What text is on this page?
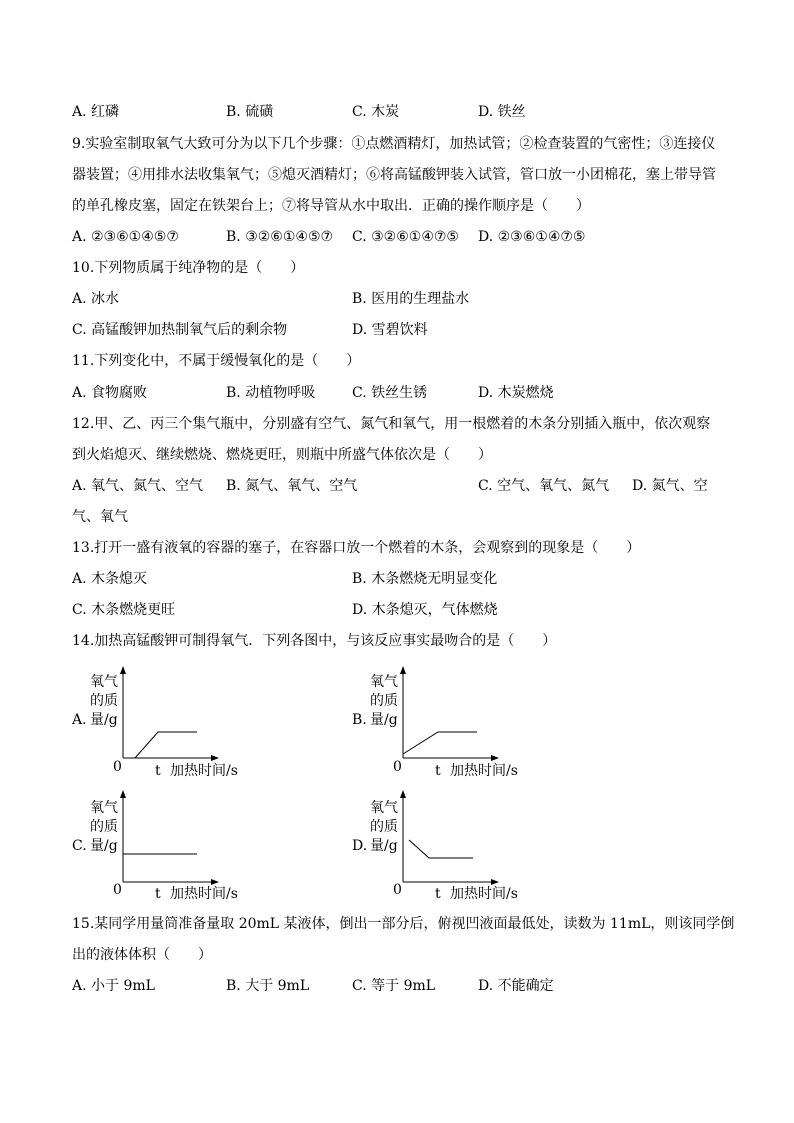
A. 红磷	B. 硫磺	C. 木炭	D. 铁丝
9.实验室制取氧气大致可分为以下几个步骤：①点燃酒精灯，加热试管；②检查装置的气密性；③连接仪
器装置；④用排水法收集氧气；⑤熄灭酒精灯；⑥将高锰酸钾装入试管，管口放一小团棉花，塞上带导管
的单孔橡皮塞，固定在铁架台上；⑦将导管从水中取出．正确的操作顺序是（　　）
A. ②③⑥①④⑤⑦	B. ③②⑥①④⑤⑦ C. ③②⑥①④⑦⑤ D. ②③⑥①④⑦⑤
10.下列物质属于纯净物的是（　　）
A. 冰水	B. 医用的生理盐水
C. 高锰酸钾加热制氧气后的剩余物	D. 雪碧饮料
11.下列变化中，不属于缓慢氧化的是（　　）
A. 食物腐败	B. 动植物呼吸	C. 铁丝生锈	D. 木炭燃烧
12.甲、乙、丙三个集气瓶中，分别盛有空气、氮气和氧气，用一根燃着的木条分别插入瓶中，依次观察
到火焰熄灭、继续燃烧、燃烧更旺，则瓶中所盛气体依次是（　　）
A. 氧气、氮气、空气 B. 氮气、氧气、空气	C. 空气、氧气、氮气 D. 氮气、空
气、氧气
13.打开一盛有液氧的容器的塞子，在容器口放一个燃着的木条，会观察到的现象是（　　）
A. 木条熄灭	B. 木条燃烧无明显变化
C. 木条燃烧更旺	D. 木条熄灭，气体燃烧
14.加热高锰酸钾可制得氧气．下列各图中，与该反应事实最吻合的是（　　）
A.
氧气
的质
量/g
0 t 加热时间/s
B.
氧气
的质
量/g
0 t 加热时间/s
C.
氧气
的质
量/g
0 t 加热时间/s
D.
氧气
的质
量/g
0 t 加热时间/s
15.某同学用量筒准备量取 20mL 某液体，倒出一部分后，俯视凹液面最低处，读数为 11mL，则该同学倒
出的液体体积（　　）
A. 小于 9mL	B. 大于 9mL	C. 等于 9mL	D. 不能确定
